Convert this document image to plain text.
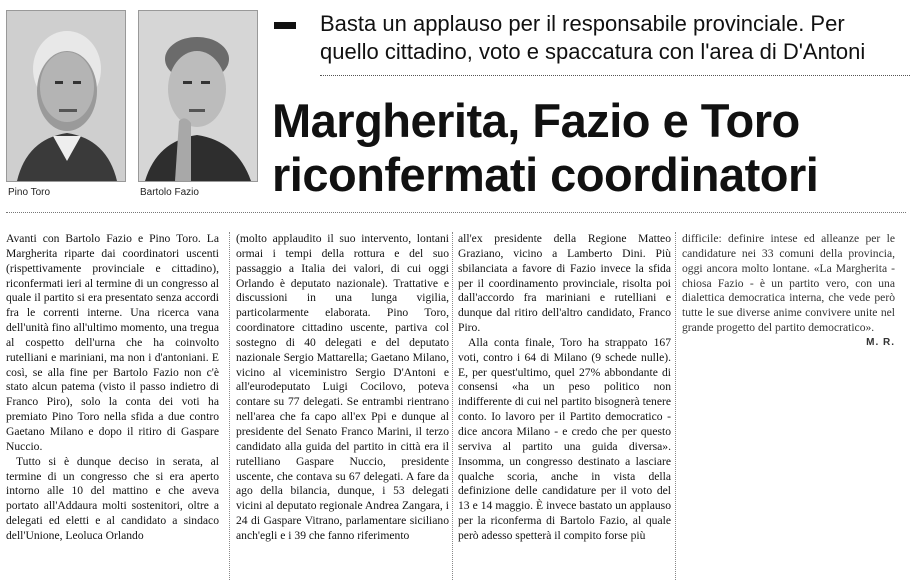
Pino Toro	Bartolo Fazio
Basta un applauso per il responsabile provinciale. Per quello cittadino, voto e spaccatura con l'area di D'Antoni
Margherita, Fazio e Toro
riconfermati coordinatori

Avanti con Bartolo Fazio e Pino Toro. La Margherita riparte dai coordinatori uscenti (rispettivamente provinciale e cittadino), riconfermati ieri al termine di un congresso al quale il partito si era presentato senza accordi fra le correnti interne. Una ricerca vana dell'unità fino all'ultimo momento, una tregua al cospetto dell'urna che ha coinvolto rutelliani e mariniani, ma non i d'antoniani. E così, se alla fine per Bartolo Fazio non c'è stato alcun patema (visto il passo indietro di Franco Piro), solo la conta dei voti ha premiato Pino Toro nella sfida a due contro Gaetano Milano e dopo il ritiro di Gaspare Nuccio.

Tutto si è dunque deciso in serata, al termine di un congresso che si era aperto intorno alle 10 del mattino e che aveva portato all'Addaura molti sostenitori, oltre a delegati ed eletti e al candidato a sindaco dell'Unione, Leoluca Orlando

(molto applaudito il suo intervento, lontani ormai i tempi della rottura e del suo passaggio a Italia dei valori, di cui oggi Orlando è deputato nazionale). Trattative e discussioni in una lunga vigilia, particolarmente elaborata. Pino Toro, coordinatore cittadino uscente, partiva col sostegno di 40 delegati e del deputato nazionale Sergio Mattarella; Gaetano Milano, vicino al viceministro Sergio D'Antoni e all'eurodeputato Luigi Cocilovo, poteva contare su 77 delegati. Se entrambi rientrano nell'area che fa capo all'ex Ppi e dunque al presidente del Senato Franco Marini, il terzo candidato alla guida del partito in città era il rutelliano Gaspare Nuccio, presidente uscente, che contava su 67 delegati. A fare da ago della bilancia, dunque, i 53 delegati vicini al deputato regionale Andrea Zangara, i 24 di Gaspare Vitrano, parlamentare siciliano anch'egli e i 39 che fanno riferimento

all'ex presidente della Regione Matteo Graziano, vicino a Lamberto Dini. Più sbilanciata a favore di Fazio invece la sfida per il coordinamento provinciale, risolta poi dall'accordo fra mariniani e rutelliani e dunque dal ritiro dell'altro candidato, Franco Piro.

Alla conta finale, Toro ha strappato 167 voti, contro i 64 di Milano (9 schede nulle). E, per quest'ultimo, quel 27% abbondante di consensi «ha un peso politico non indifferente di cui nel partito bisognerà tenere conto. Io lavoro per il Partito democratico - dice ancora Milano - e credo che per questo serviva al partito una guida diversa». Insomma, un congresso destinato a lasciare qualche scoria, anche in vista della definizione delle candidature per il voto del 13 e 14 maggio. È invece bastato un applauso per la riconferma di Bartolo Fazio, al quale però adesso spetterà il compito forse più

difficile: definire intese ed alleanze per le candidature nei 33 comuni della provincia, oggi ancora molto lontane. «La Margherita - chiosa Fazio - è un partito vero, con una dialettica democratica interna, che vede però tutte le sue diverse anime convivere unite nel grande progetto del partito democratico».

M. R.
